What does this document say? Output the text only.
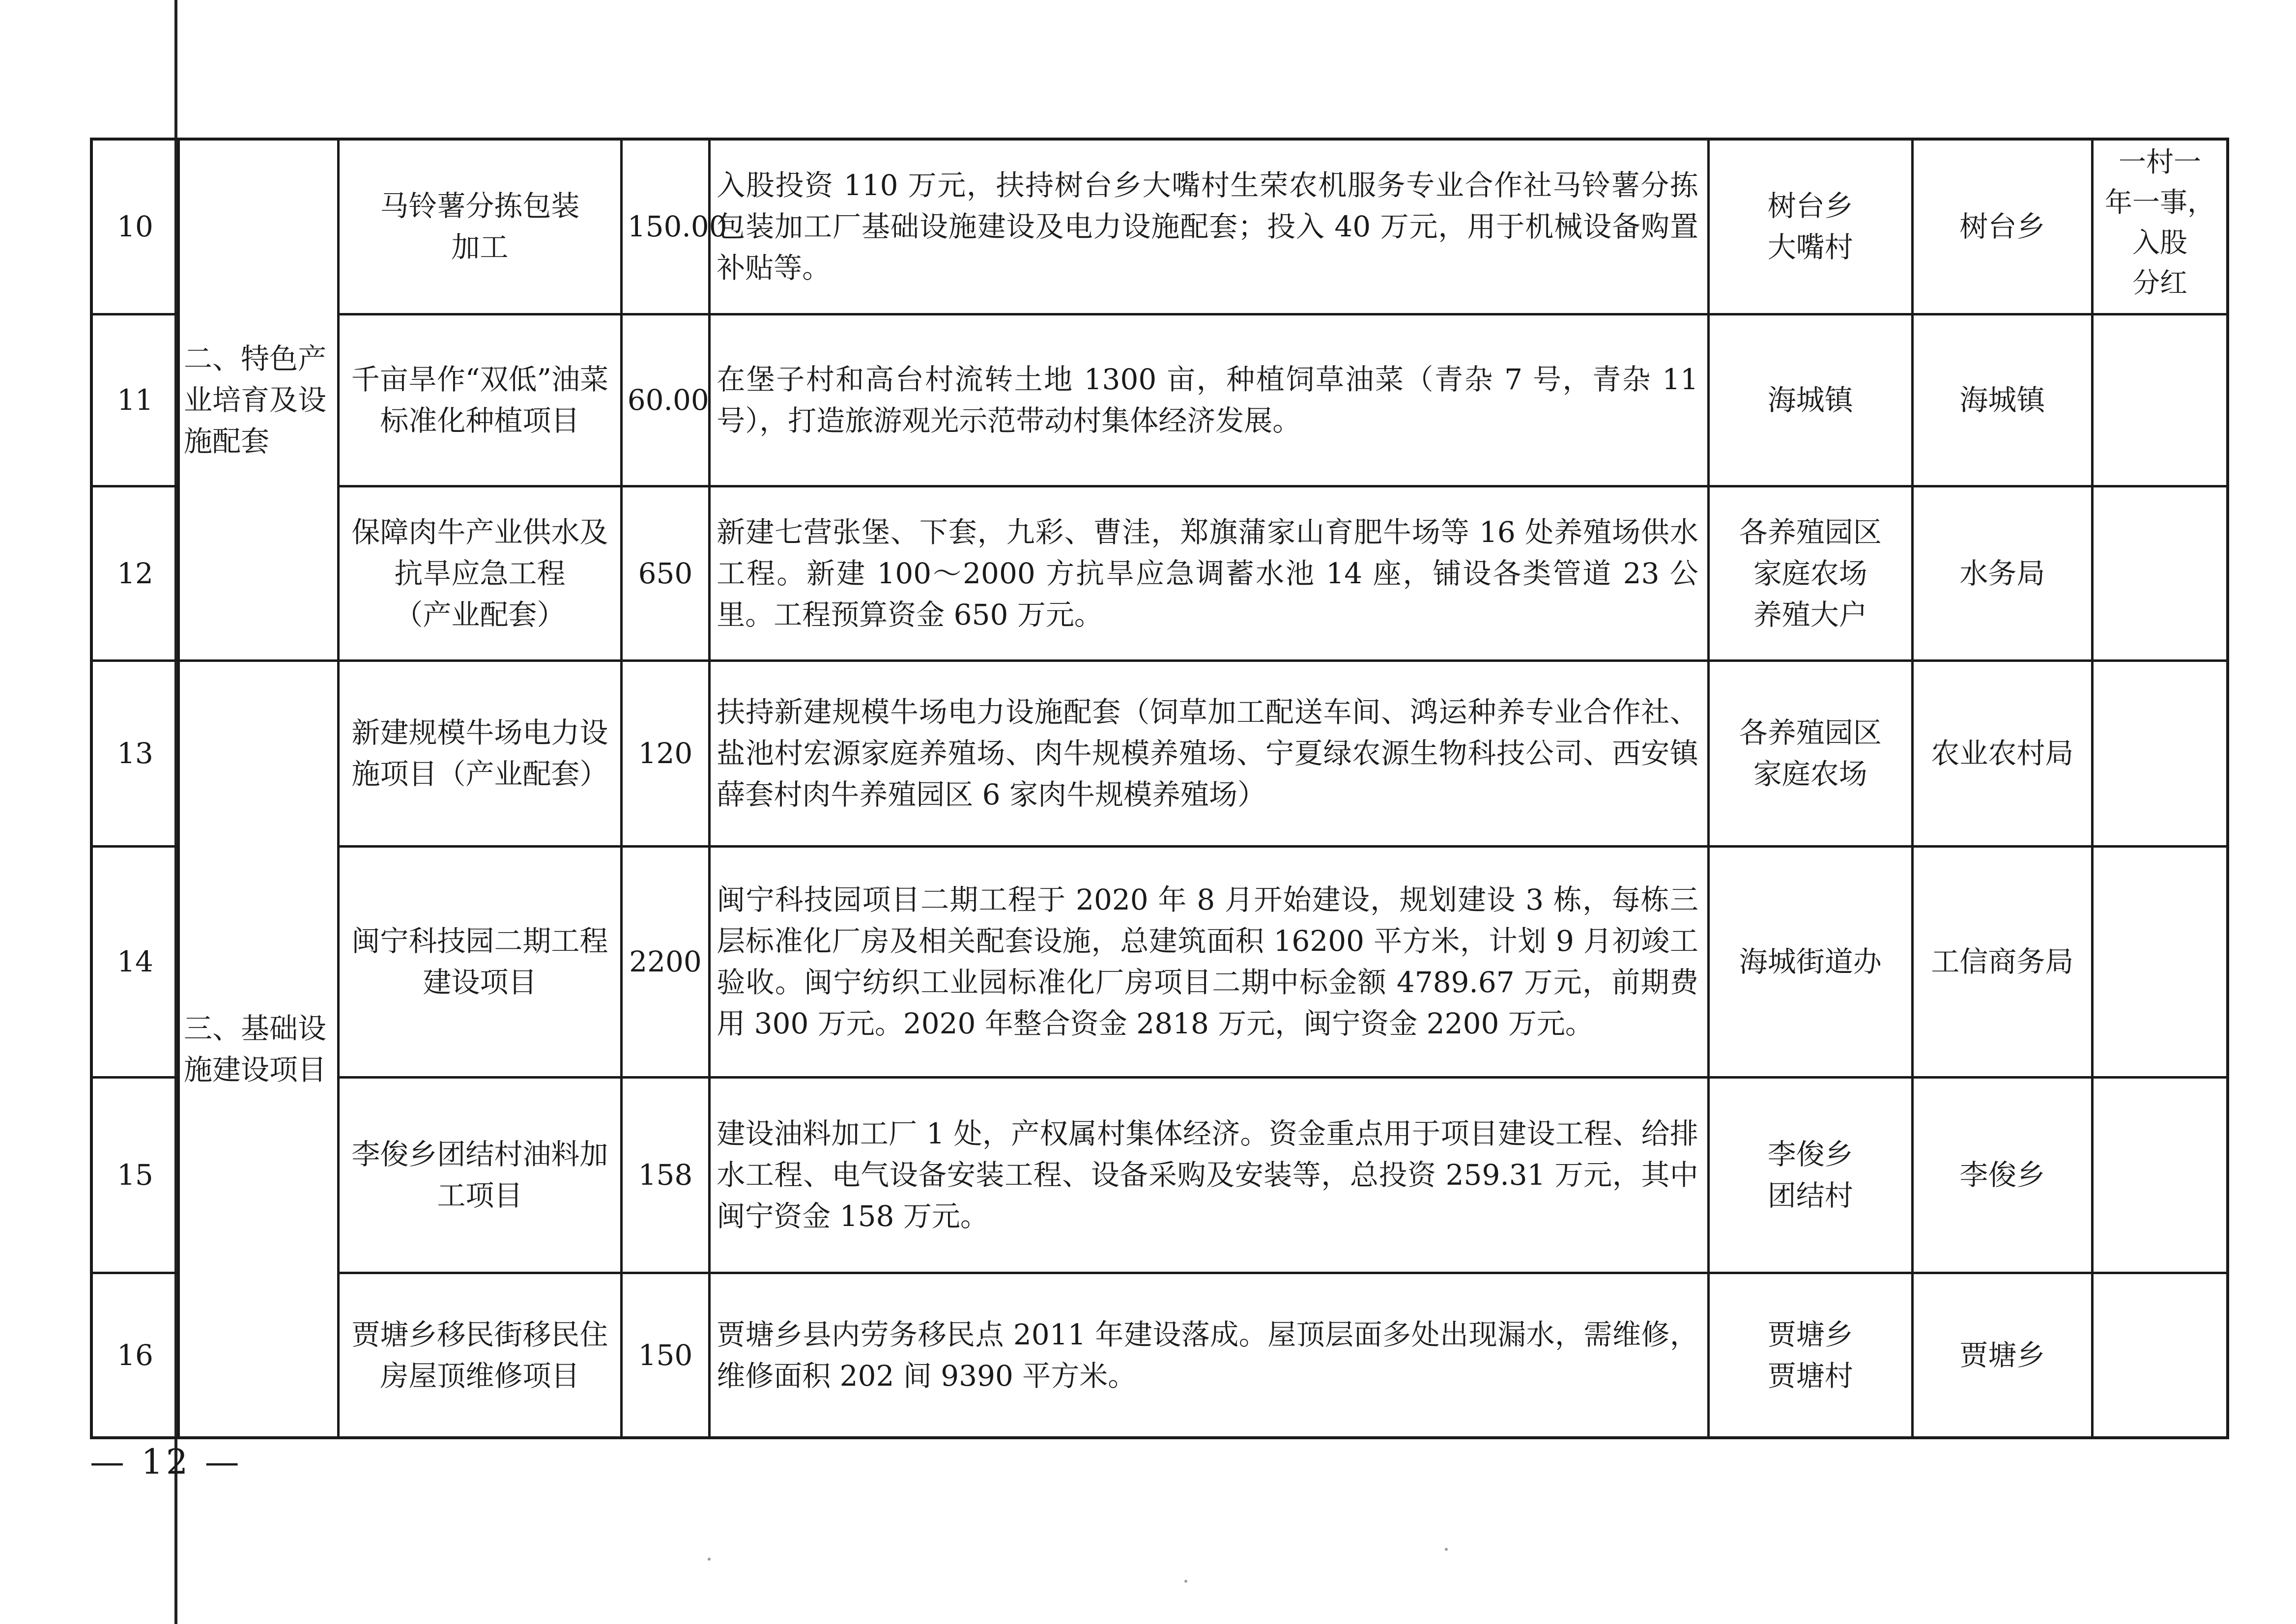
10	二、特色产业培育及设施配套	马铃薯分拣包装
加工	150.00	入股投资 110 万元，扶持树台乡大嘴村生荣农机服务专业合作社马铃薯分拣包装加工厂基础设施建设及电力设施配套；投入 40 万元，用于机械设备购置补贴等。	树台乡
大嘴村	树台乡	一村一
年一事，
入股
分红
11		千亩旱作“双低”油菜标准化种植项目	60.00	在堡子村和高台村流转土地 1300 亩，种植饲草油菜（青杂 7 号，青杂 11 号），打造旅游观光示范带动村集体经济发展。	海城镇	海城镇	
12		保障肉牛产业供水及抗旱应急工程
（产业配套）	650	新建七营张堡、下套，九彩、曹洼，郑旗蒲家山育肥牛场等 16 处养殖场供水工程。新建 100～2000 方抗旱应急调蓄水池 14 座，铺设各类管道 23 公里。工程预算资金 650 万元。	各养殖园区
家庭农场
养殖大户	水务局	
13	三、基础设施建设项目	新建规模牛场电力设施项目（产业配套）	120	扶持新建规模牛场电力设施配套（饲草加工配送车间、鸿运种养专业合作社、盐池村宏源家庭养殖场、肉牛规模养殖场、宁夏绿农源生物科技公司、西安镇薛套村肉牛养殖园区 6 家肉牛规模养殖场）	各养殖园区
家庭农场	农业农村局	
14		闽宁科技园二期工程建设项目	2200	闽宁科技园项目二期工程于 2020 年 8 月开始建设，规划建设 3 栋，每栋三层标准化厂房及相关配套设施，总建筑面积 16200 平方米，计划 9 月初竣工验收。闽宁纺织工业园标准化厂房项目二期中标金额 4789.67 万元，前期费用 300 万元。2020 年整合资金 2818 万元，闽宁资金 2200 万元。	海城街道办	工信商务局	
15		李俊乡团结村油料加工项目	158	建设油料加工厂 1 处，产权属村集体经济。资金重点用于项目建设工程、给排水工程、电气设备安装工程、设备采购及安装等，总投资 259.31 万元，其中闽宁资金 158 万元。	李俊乡
团结村	李俊乡	
16		贾塘乡移民街移民住房屋顶维修项目	150	贾塘乡县内劳务移民点 2011 年建设落成。屋顶层面多处出现漏水，需维修，维修面积 202 间 9390 平方米。	贾塘乡
贾塘村	贾塘乡	
— 12 —
